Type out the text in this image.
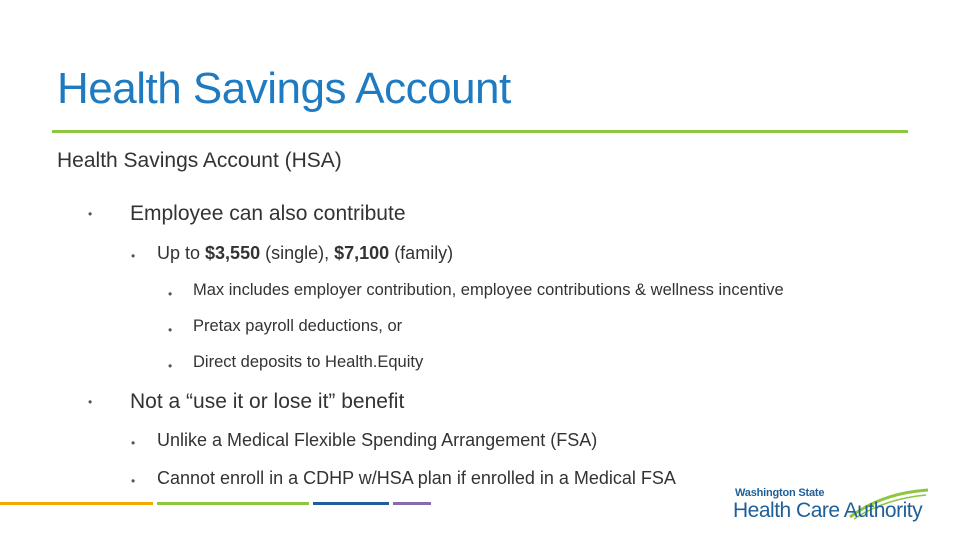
Health Savings Account
Health Savings Account (HSA)
• Employee can also contribute
• Up to $3,550 (single), $7,100 (family)
• Max includes employer contribution, employee contributions & wellness incentive
• Pretax payroll deductions, or
• Direct deposits to Health.Equity
• Not a “use it or lose it” benefit
• Unlike a Medical Flexible Spending Arrangement (FSA)
• Cannot enroll in a CDHP w/HSA plan if enrolled in a Medical FSA
Washington State
Health Care Authority
